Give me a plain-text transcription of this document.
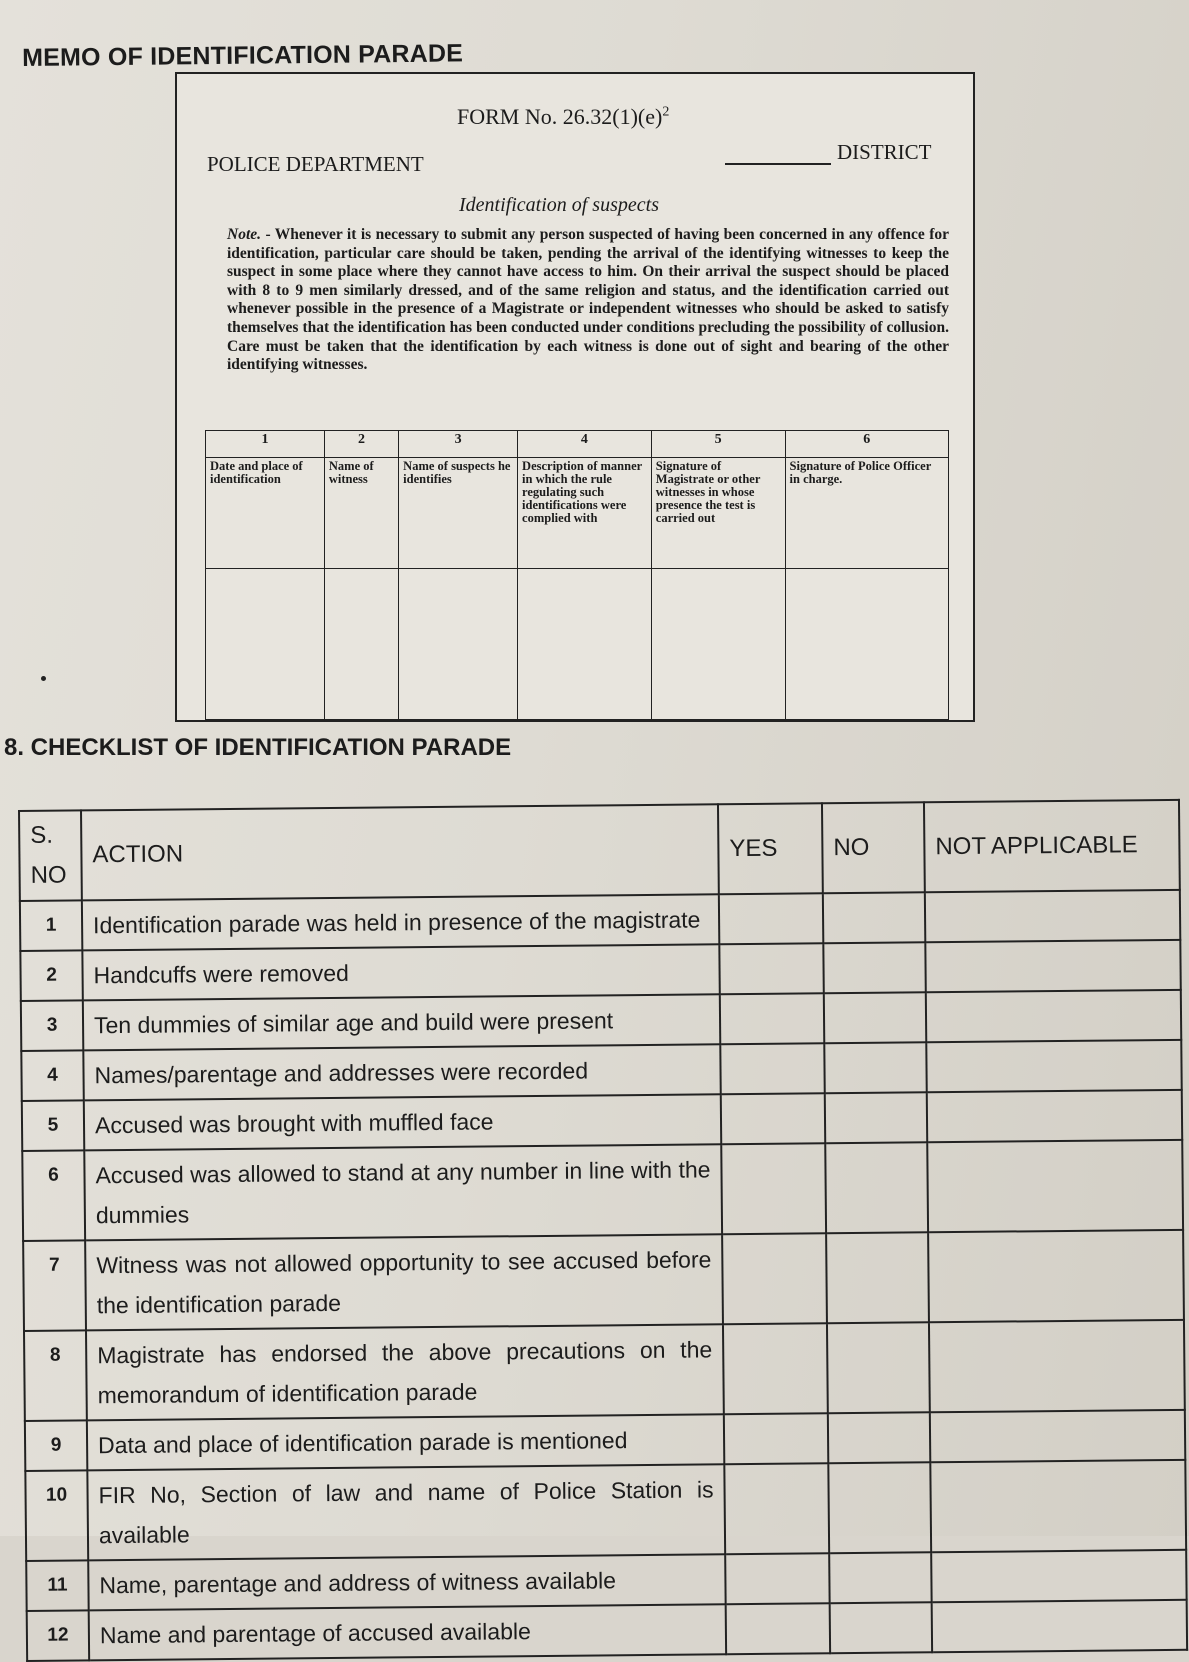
MEMO OF IDENTIFICATION PARADE
FORM No. $26.32(1)(e)^2$
POLICE DEPARTMENT	DISTRICT
Identification of suspects
Note. - Whenever it is necessary to submit any person suspected of having been concerned in any offence for identification, particular care should be taken, pending the arrival of the identifying witnesses to keep the suspect in some place where they cannot have access to him. On their arrival the suspect should be placed with 8 to 9 men similarly dressed, and of the same religion and status, and the identification carried out whenever possible in the presence of a Magistrate or independent witnesses who should be asked to satisfy themselves that the identification has been conducted under conditions precluding the possibility of collusion. Care must be taken that the identification by each witness is done out of sight and bearing of the other identifying witnesses.
1	2	3	4	5	6
Date and place of identification	Name of witness	Name of suspects he identifies	Description of manner in which the rule regulating such identifications were complied with	Signature of Magistrate or other witnesses in whose presence the test is carried out	Signature of Police Officer in charge.

8. CHECKLIST OF IDENTIFICATION PARADE
S. NO	ACTION	YES	NO	NOT APPLICABLE
1	Identification parade was held in presence of the magistrate			
2	Handcuffs were removed			
3	Ten dummies of similar age and build were present			
4	Names/parentage and addresses were recorded			
5	Accused was brought with muffled face			
6	Accused was allowed to stand at any number in line with the dummies			
7	Witness was not allowed opportunity to see accused before the identification parade			
8	Magistrate has endorsed the above precautions on the memorandum of identification parade			
9	Data and place of identification parade is mentioned			
10	FIR No, Section of law and name of Police Station is available			
11	Name, parentage and address of witness available			
12	Name and parentage of accused available			
